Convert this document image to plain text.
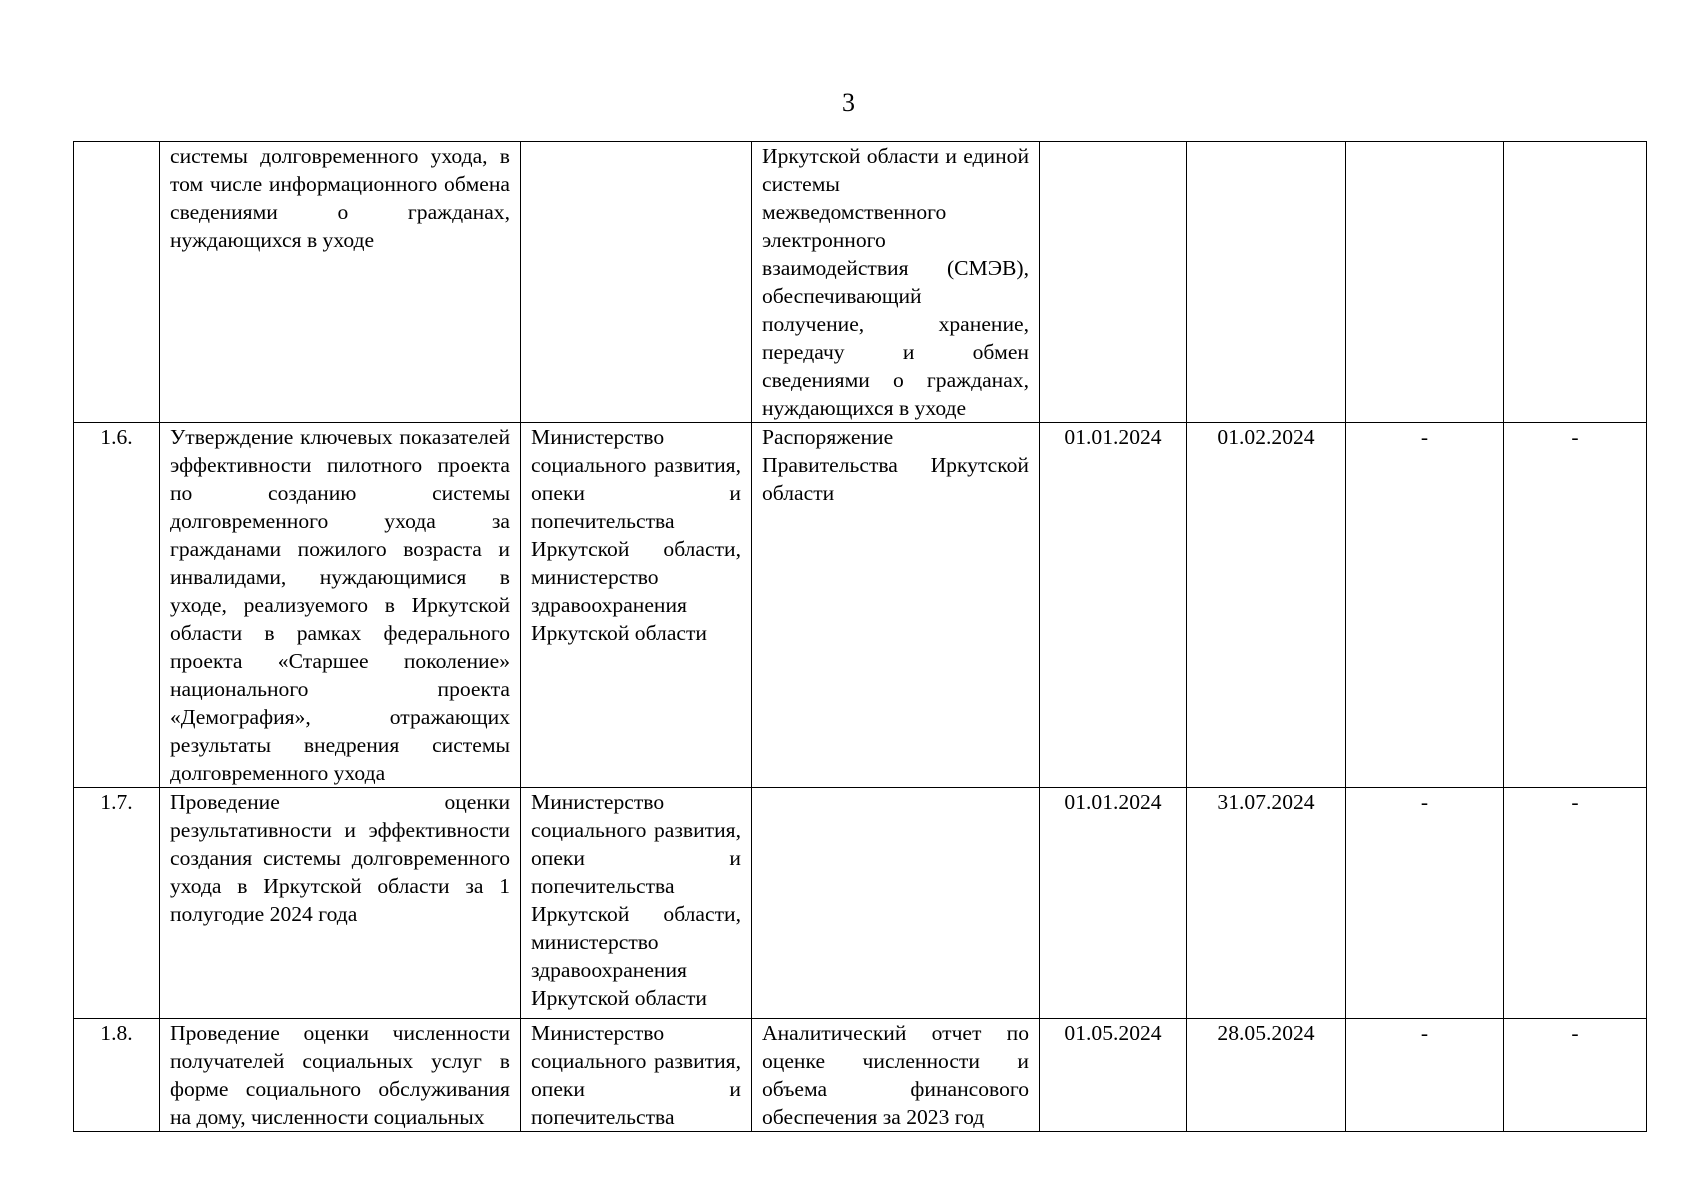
3
	системы долговременного ухода, в том числе информационного обмена сведениями о гражданах, нуждающихся в уходе		Иркутской области и единой системы межведомственного электронного взаимодействия (СМЭВ), обеспечивающий получение, хранение, передачу и обмен сведениями о гражданах, нуждающихся в уходе				
1.6.	Утверждение ключевых показателей эффективности пилотного проекта по созданию системы долговременного ухода за гражданами пожилого возраста и инвалидами, нуждающимися в уходе, реализуемого в Иркутской области в рамках федерального проекта «Старшее поколение» национального проекта «Демография», отражающих результаты внедрения системы долговременного ухода	Министерство социального развития, опеки и попечительства Иркутской области, министерство здравоохранения Иркутской области	Распоряжение Правительства Иркутской области	01.01.2024	01.02.2024	-	-
1.7.	Проведение оценки результативности и эффективности создания системы долговременного ухода в Иркутской области за 1 полугодие 2024 года	Министерство социального развития, опеки и попечительства Иркутской области, министерство здравоохранения Иркутской области		01.01.2024	31.07.2024	-	-
1.8.	Проведение оценки численности получателей социальных услуг в форме социального обслуживания на дому, численности социальных	Министерство социального развития, опеки и попечительства	Аналитический отчет по оценке численности и объема финансового обеспечения за 2023 год	01.05.2024	28.05.2024	-	-
